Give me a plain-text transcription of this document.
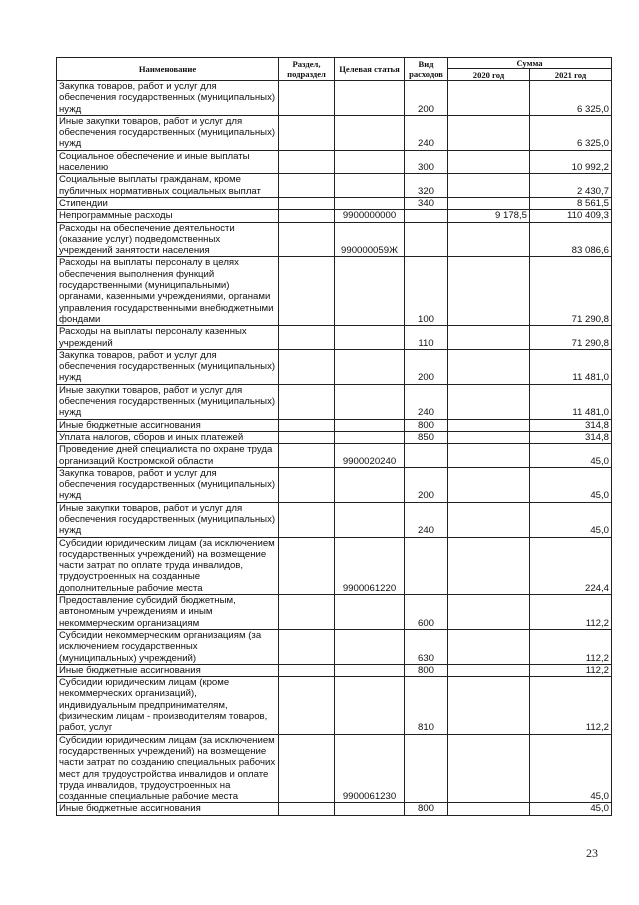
Наименование	Раздел, подраздел	Целевая статья	Вид расходов	Сумма	
				2020 год	2021 год
Закупка товаров, работ и услуг для обеспечения государственных (муниципальных) нужд			200		6 325,0
Иные закупки товаров, работ и услуг для обеспечения государственных (муниципальных) нужд			240		6 325,0
Социальное обеспечение и иные выплаты населению			300		10 992,2
Социальные выплаты гражданам, кроме публичных нормативных социальных выплат			320		2 430,7
Стипендии			340		8 561,5
Непрограммные расходы		9900000000		9 178,5	110 409,3
Расходы на обеспечение деятельности (оказание услуг) подведомственных учреждений занятости населения		990000059Ж			83 086,6
Расходы на выплаты персоналу в целях обеспечения выполнения функций государственными (муниципальными) органами, казенными учреждениями, органами управления государственными внебюджетными фондами			100		71 290,8
Расходы на выплаты персоналу казенных учреждений			110		71 290,8
Закупка товаров, работ и услуг для обеспечения государственных (муниципальных) нужд			200		11 481,0
Иные закупки товаров, работ и услуг для обеспечения государственных (муниципальных) нужд			240		11 481,0
Иные бюджетные ассигнования			800		314,8
Уплата налогов, сборов и иных платежей			850		314,8
Проведение дней специалиста по охране труда организаций Костромской области		9900020240			45,0
Закупка товаров, работ и услуг для обеспечения государственных (муниципальных) нужд			200		45,0
Иные закупки товаров, работ и услуг для обеспечения государственных (муниципальных) нужд			240		45,0
Субсидии юридическим лицам (за исключением государственных учреждений) на возмещение части затрат по оплате труда инвалидов, трудоустроенных на созданные дополнительные рабочие места		9900061220			224,4
Предоставление субсидий бюджетным, автономным учреждениям и иным некоммерческим организациям			600		112,2
Субсидии некоммерческим организациям (за исключением государственных (муниципальных) учреждений)			630		112,2
Иные бюджетные ассигнования			800		112,2
Субсидии юридическим лицам (кроме некоммерческих организаций), индивидуальным предпринимателям, физическим лицам - производителям товаров, работ, услуг			810		112,2
Субсидии юридическим лицам (за исключением государственных учреждений) на возмещение части затрат по созданию специальных рабочих мест для трудоустройства инвалидов и оплате труда инвалидов, трудоустроенных на созданные специальные рабочие места		9900061230			45,0
Иные бюджетные ассигнования			800		45,0
23
